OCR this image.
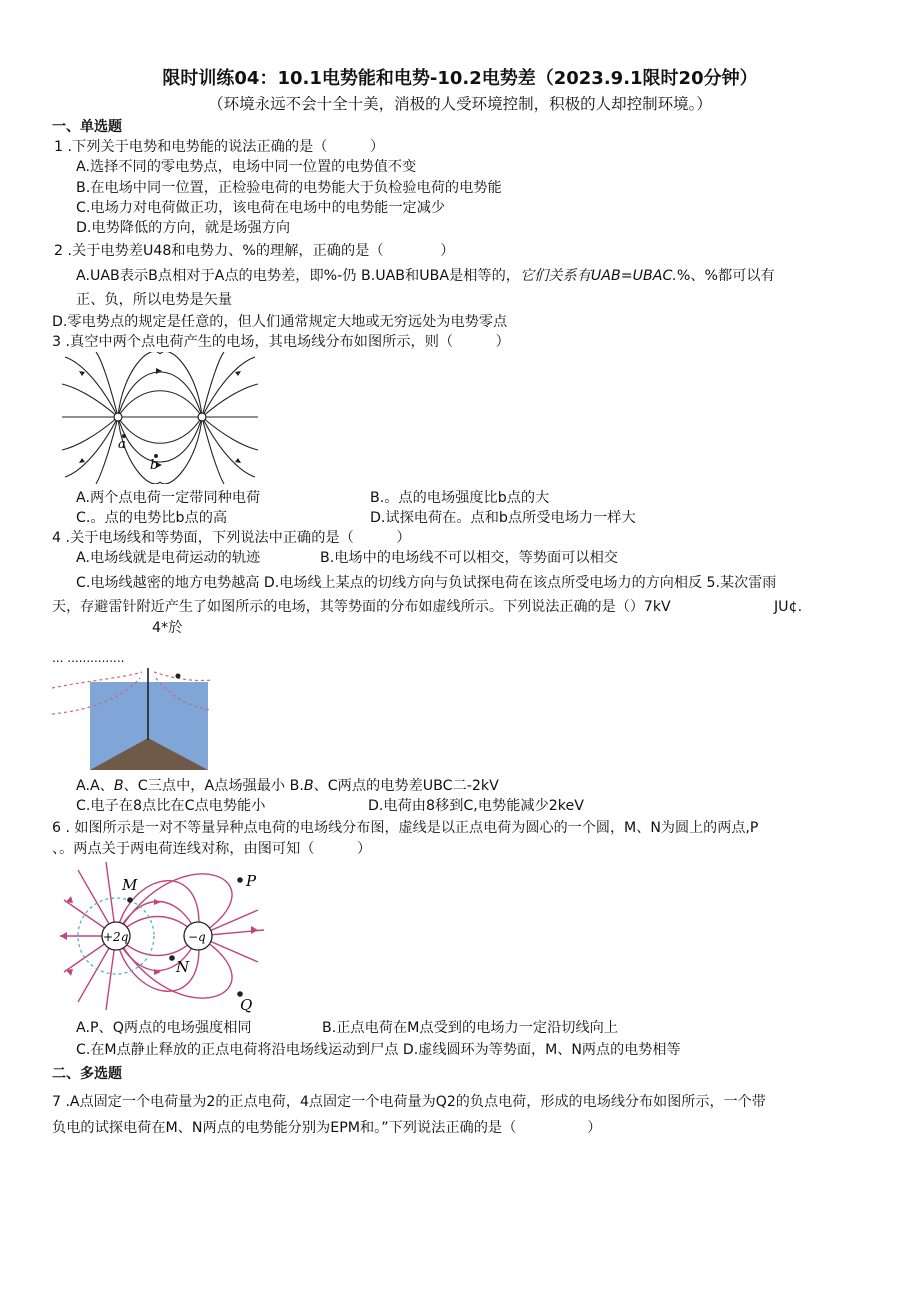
限时训练04：10.1电势能和电势-10.2电势差（2023.9.1限时20分钟）
（环境永远不会十全十美，消极的人受环境控制，积极的人却控制环境。）
一、单选题
1 .下列关于电势和电势能的说法正确的是（　　　）
A.选择不同的零电势点，电场中同一位置的电势值不变
B.在电场中同一位置，正检验电荷的电势能大于负检验电荷的电势能
C.电场力对电荷做正功，该电荷在电场中的电势能一定减少
D.电势降低的方向，就是场强方向
2 .关于电势差U48和电势力、%的理解，正确的是（　　　　）
A.UAB表示B点相对于A点的电势差，即%-仍 B.UAB和UBA是相等的，它们关系有UAB=UBAC.%、%都可以有
正、负，所以电势是矢量
D.零电势点的规定是任意的，但人们通常规定大地或无穷远处为电势零点
3 .真空中两个点电荷产生的电场，其电场线分布如图所示，则（　　　）
a
b
A.两个点电荷一定带同种电荷	B.。点的电场强度比b点的大
C.。点的电势比b点的高	D.试探电荷在。点和b点所受电场力一样大
4 .关于电场线和等势面，下列说法中正确的是（　　　）
A.电场线就是电荷运动的轨迹	B.电场中的电场线不可以相交，等势面可以相交
C.电场线越密的地方电势越高 D.电场线上某点的切线方向与负试探电荷在该点所受电场力的方向相反 5.某次雷雨
天，存避雷针附近产生了如图所示的电场，其等势面的分布如虚线所示。下列说法正确的是（）7kV	JU¢.
4*於
... ...............
A.A、B、C三点中，A点场强最小 B.B、C两点的电势差UBC二-2kV
C.电子在8点比在C点电势能小	D.电荷由8移到C,电势能减少2keV
6 . 如图所示是一对不等量异种点电荷的电场线分布图，虚线是以正点电荷为圆心的一个圆，M、N为圆上的两点,P
、。两点关于两电荷连线对称，由图可知（　　　）
M
N
P
Q
+2q	−q
A.P、Q两点的电场强度相同	B.正点电荷在M点受到的电场力一定沿切线向上
C.在M点静止释放的正点电荷将沿电场线运动到尸点 D.虚线圆环为等势面，M、N两点的电势相等
二、多选题
7 .A点固定一个电荷量为2的正点电荷，4点固定一个电荷量为Q2的负点电荷，形成的电场线分布如图所示，一个带
负电的试探电荷在M、N两点的电势能分别为EPM和。”下列说法正确的是（　　　　　）
